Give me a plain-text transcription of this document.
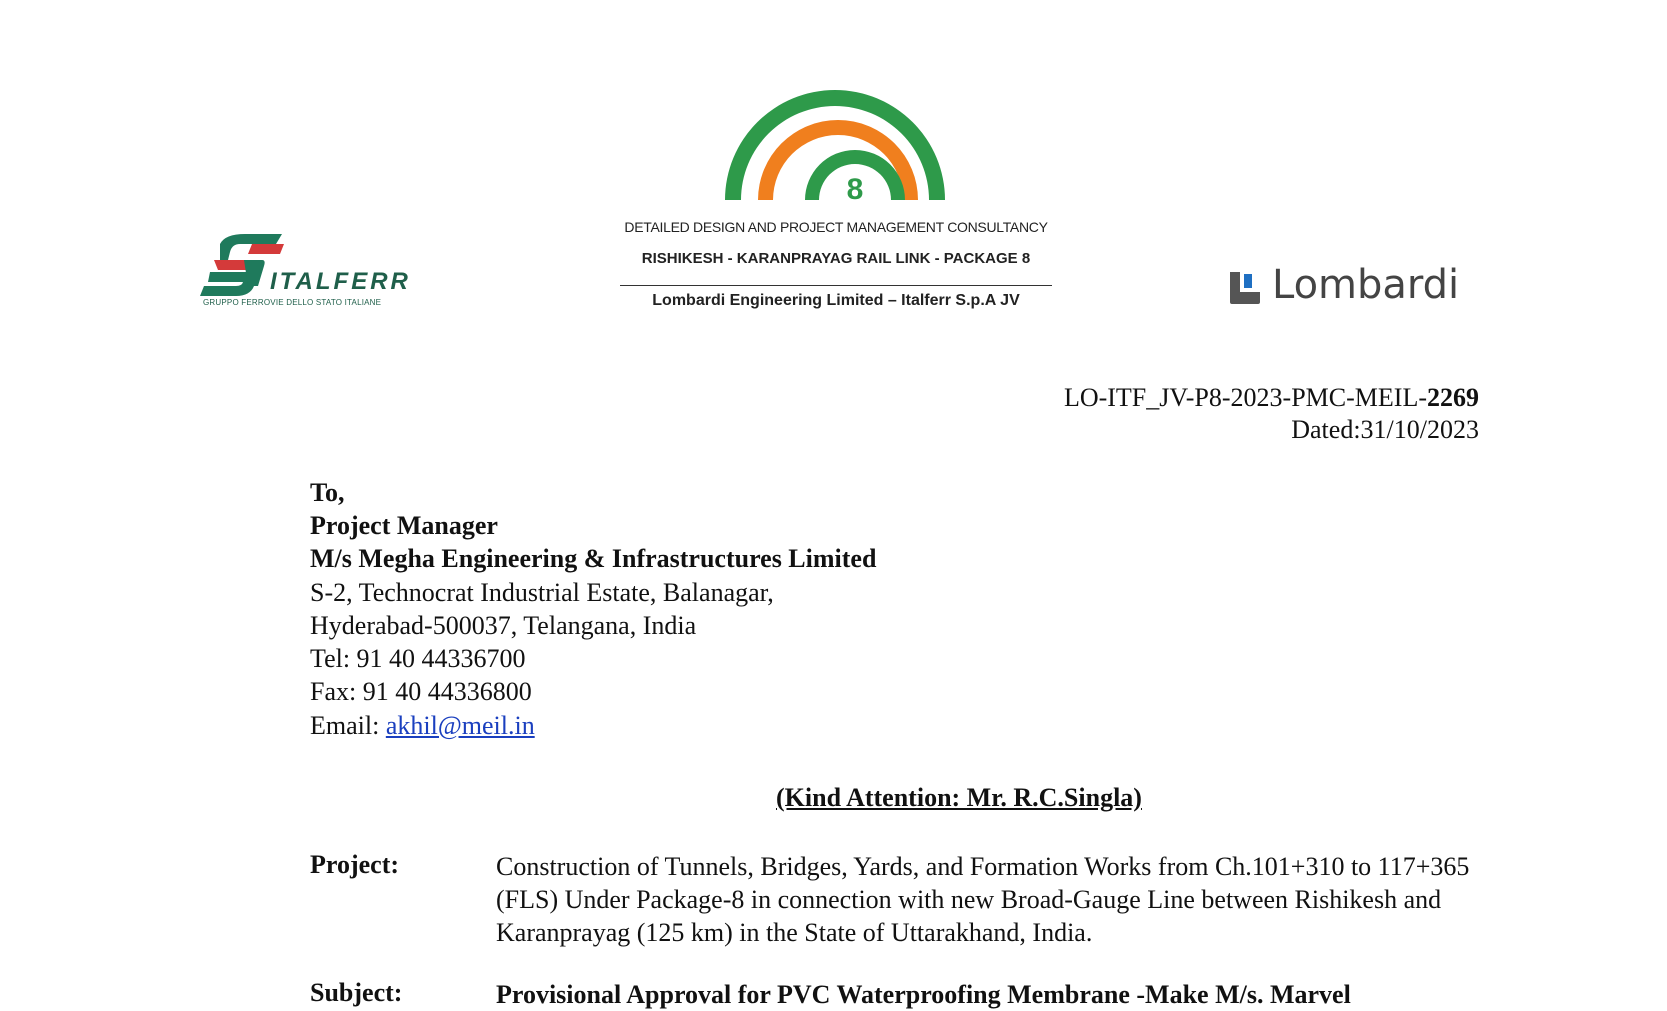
ITALFERR
GRUPPO FERROVIE DELLO STATO ITALIANE
8
DETAILED DESIGN AND PROJECT MANAGEMENT CONSULTANCY
RISHIKESH - KARANPRAYAG RAIL LINK - PACKAGE 8
Lombardi Engineering Limited – Italferr S.p.A JV	Lombardi
LO-ITF_JV-P8-2023-PMC-MEIL-2269
Dated:31/10/2023
To,
Project Manager
M/s Megha Engineering & Infrastructures Limited
S-2, Technocrat Industrial Estate, Balanagar,
Hyderabad-500037, Telangana, India
Tel: 91 40 44336700
Fax: 91 40 44336800
Email: akhil@meil.in
(Kind Attention: Mr. R.C.Singla)
Project:	Construction of Tunnels, Bridges, Yards, and Formation Works from Ch.101+310 to 117+365 (FLS) Under Package-8 in connection with new Broad-Gauge Line between Rishikesh and Karanprayag (125 km) in the State of Uttarakhand, India.
Subject:	Provisional Approval for PVC Waterproofing Membrane -Make M/s. Marvel
